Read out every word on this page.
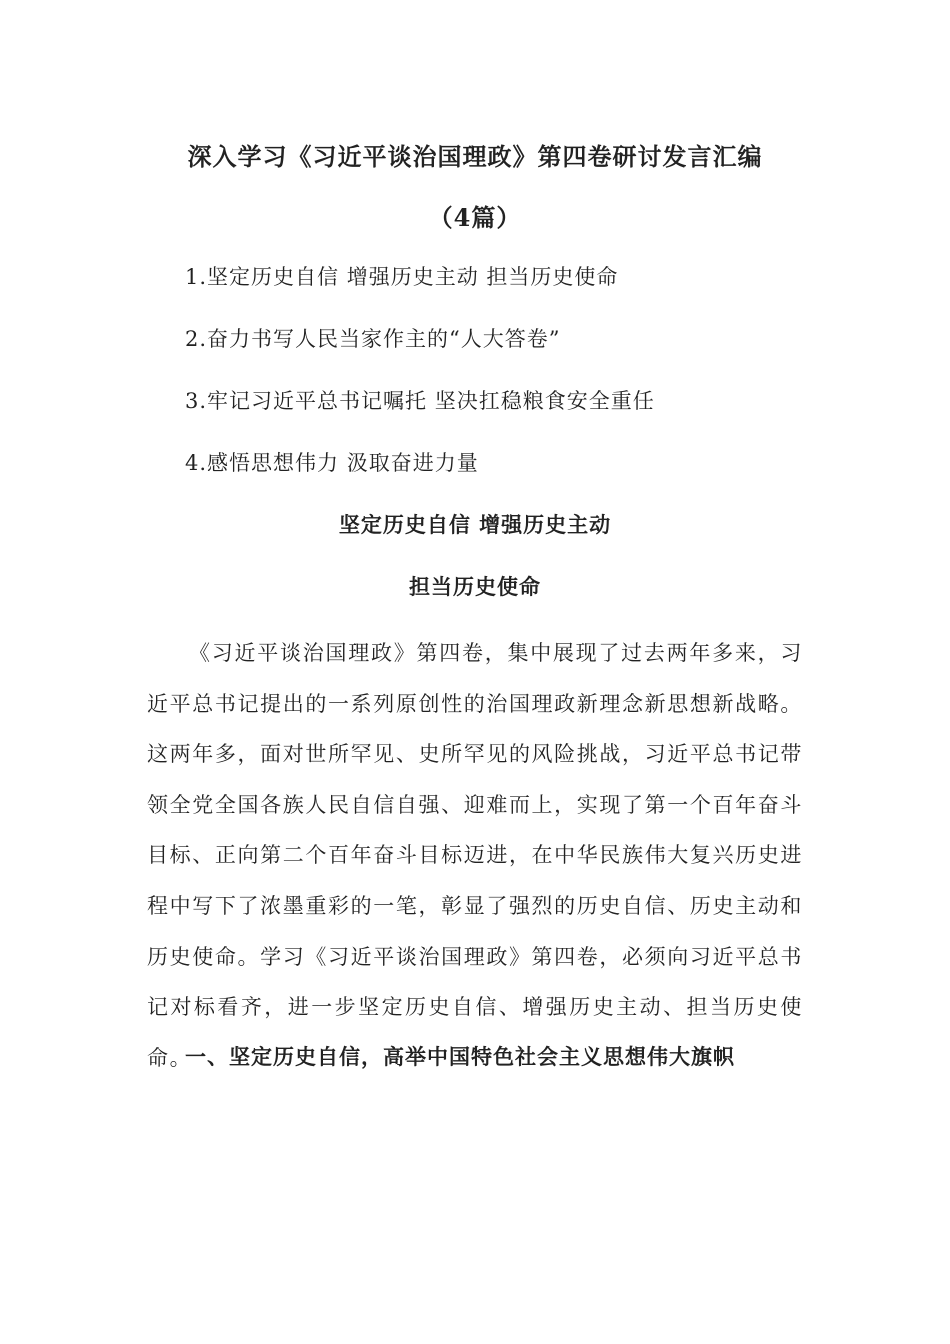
深入学习《习近平谈治国理政》第四卷研讨发言汇编
（4篇）
1.坚定历史自信 增强历史主动 担当历史使命
2.奋力书写人民当家作主的“人大答卷”
3.牢记习近平总书记嘱托 坚决扛稳粮食安全重任
4.感悟思想伟力 汲取奋进力量
坚定历史自信 增强历史主动
担当历史使命

《习近平谈治国理政》第四卷，集中展现了过去两年多来，习近平总书记提出的一系列原创性的治国理政新理念新思想新战略。这两年多，面对世所罕见、史所罕见的风险挑战，习近平总书记带领全党全国各族人民自信自强、迎难而上，实现了第一个百年奋斗目标、正向第二个百年奋斗目标迈进，在中华民族伟大复兴历史进程中写下了浓墨重彩的一笔，彰显了强烈的历史自信、历史主动和历史使命。学习《习近平谈治国理政》第四卷，必须向习近平总书记对标看齐，进一步坚定历史自信、增强历史主动、担当历史使命。

一、坚定历史自信，高举中国特色社会主义思想伟大旗帜
